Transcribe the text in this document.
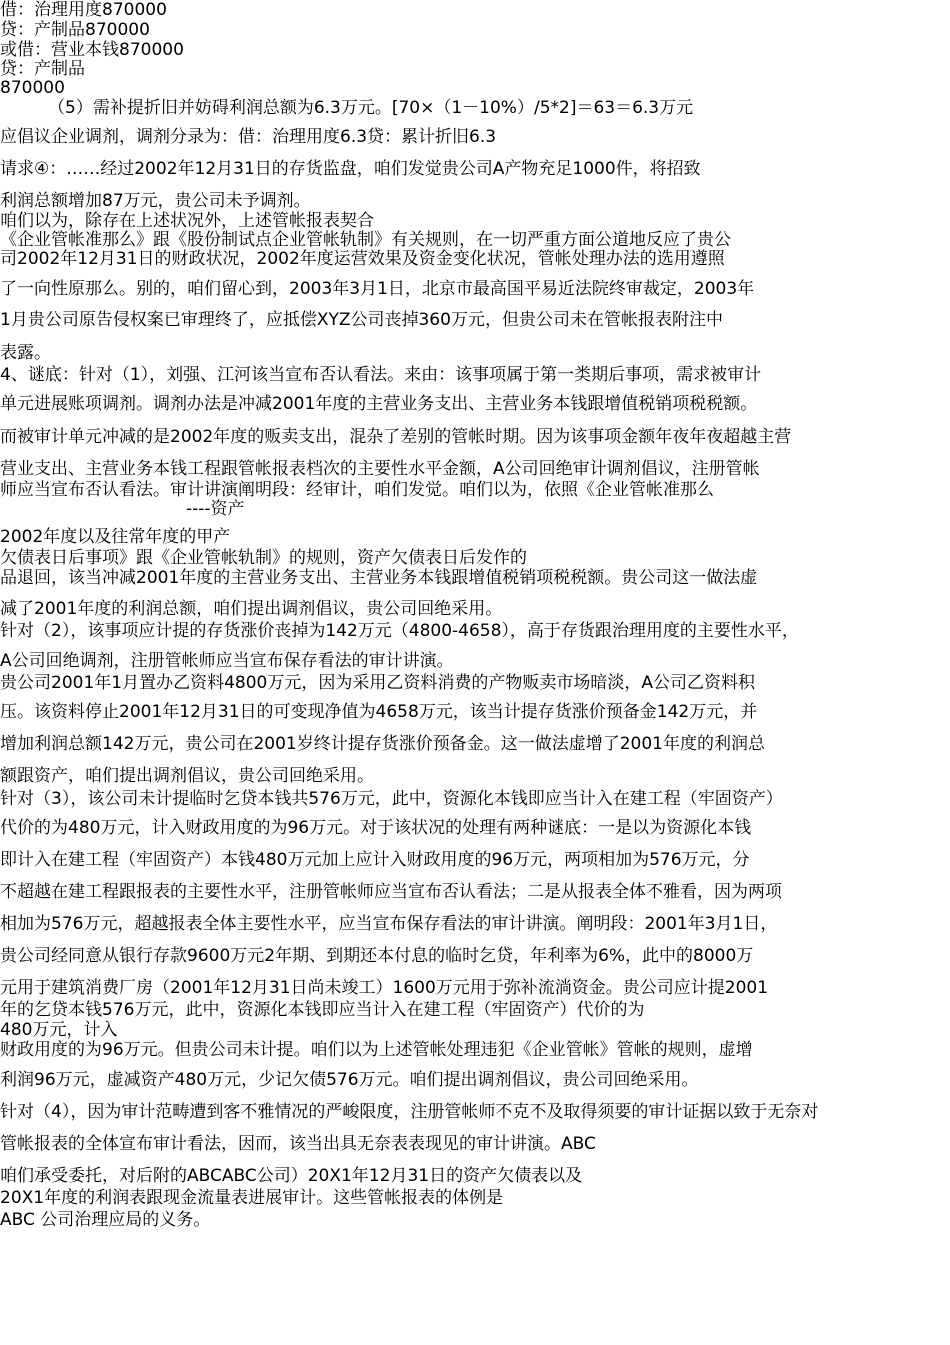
借：治理用度870000

贷：产制品870000

或借：营业本钱870000

贷：产制品

870000

（5）需补提折旧并妨碍利润总额为6.3万元。[70×（1－10%）/5*2]＝63＝6.3万元

应倡议企业调剂，调剂分录为：借：治理用度6.3贷：累计折旧6.3

请求④：……经过2002年12月31日的存货监盘，咱们发觉贵公司A产物充足1000件，将招致

利润总额增加87万元，贵公司未予调剂。

咱们以为，除存在上述状况外，上述管帐报表契合

《企业管帐准那么》跟《股份制试点企业管帐轨制》有关规则，在一切严重方面公道地反应了贵公

司2002年12月31日的财政状况，2002年度运营效果及资金变化状况，管帐处理办法的选用遵照

了一向性原那么。别的，咱们留心到，2003年3月1日，北京市最高国平易近法院终审裁定，2003年

1月贵公司原告侵权案已审理终了，应抵偿XYZ公司丧掉360万元，但贵公司未在管帐报表附注中

表露。

4、谜底：针对（1），刘强、江河该当宣布否认看法。来由：该事项属于第一类期后事项，需求被审计

单元进展账项调剂。调剂办法是冲减2001年度的主营业务支出、主营业务本钱跟增值税销项税税额。

而被审计单元冲减的是2002年度的贩卖支出，混杂了差别的管帐时期。因为该事项金额年夜年夜超越主营

营业支出、主营业务本钱工程跟管帐报表档次的主要性水平金额，A公司回绝审计调剂倡议，注册管帐

师应当宣布否认看法。审计讲演阐明段：经审计，咱们发觉。咱们以为，依照《企业管帐准那么

----资产

2002年度以及往常年度的甲产

欠债表日后事项》跟《企业管帐轨制》的规则，资产欠债表日后发作的

品退回，该当冲减2001年度的主营业务支出、主营业务本钱跟增值税销项税税额。贵公司这一做法虚

减了2001年度的利润总额，咱们提出调剂倡议，贵公司回绝采用。

针对（2），该事项应计提的存货涨价丧掉为142万元（4800-4658），高于存货跟治理用度的主要性水平，

A公司回绝调剂，注册管帐师应当宣布保存看法的审计讲演。

贵公司2001年1月置办乙资料4800万元，因为采用乙资料消费的产物贩卖市场暗淡，A公司乙资料积

压。该资料停止2001年12月31日的可变现净值为4658万元，该当计提存货涨价预备金142万元，并

增加利润总额142万元，贵公司在2001岁终计提存货涨价预备金。这一做法虚增了2001年度的利润总

额跟资产，咱们提出调剂倡议，贵公司回绝采用。

针对（3），该公司未计提临时乞贷本钱共576万元，此中，资源化本钱即应当计入在建工程（牢固资产）

代价的为480万元，计入财政用度的为96万元。对于该状况的处理有两种谜底：一是以为资源化本钱

即计入在建工程（牢固资产）本钱480万元加上应计入财政用度的96万元，两项相加为576万元，分

不超越在建工程跟报表的主要性水平，注册管帐师应当宣布否认看法；二是从报表全体不雅看，因为两项

相加为576万元，超越报表全体主要性水平，应当宣布保存看法的审计讲演。阐明段：2001年3月1日，

贵公司经同意从银行存款9600万元2年期、到期还本付息的临时乞贷，年利率为6%，此中的8000万

元用于建筑消费厂房（2001年12月31日尚未竣工）1600万元用于弥补流淌资金。贵公司应计提2001

年的乞贷本钱576万元，此中，资源化本钱即应当计入在建工程（牢固资产）代价的为

480万元，计入

财政用度的为96万元。但贵公司未计提。咱们以为上述管帐处理违犯《企业管帐》管帐的规则，虚增

利润96万元，虚减资产480万元，少记欠债576万元。咱们提出调剂倡议，贵公司回绝采用。

针对（4），因为审计范畴遭到客不雅情况的严峻限度，注册管帐师不克不及取得须要的审计证据以致于无奈对

管帐报表的全体宣布审计看法，因而，该当出具无奈表表现见的审计讲演。ABC

咱们承受委托，对后附的ABCABC公司）20X1年12月31日的资产欠债表以及

20X1年度的利润表跟现金流量表进展审计。这些管帐报表的体例是

ABC 公司治理应局的义务。
